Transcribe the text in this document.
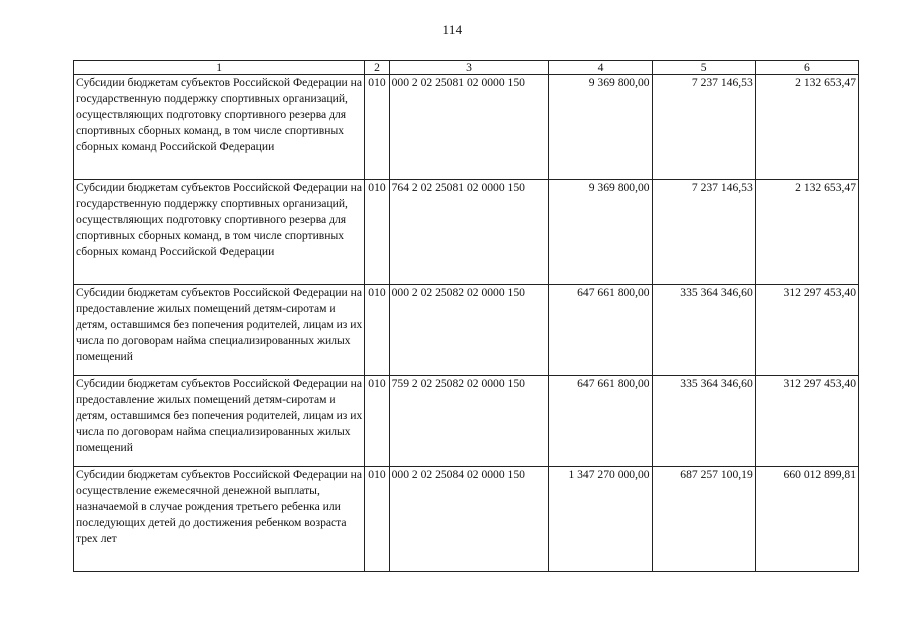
114
1	2	3	4	5	6
Субсидии бюджетам субъектов Российской Федерации на государственную поддержку спортивных организаций, осуществляющих подготовку спортивного резерва для спортивных сборных команд, в том числе спортивных сборных команд Российской Федерации	010	000 2 02 25081 02 0000 150	9 369 800,00	7 237 146,53	2 132 653,47
Субсидии бюджетам субъектов Российской Федерации на государственную поддержку спортивных организаций, осуществляющих подготовку спортивного резерва для спортивных сборных команд, в том числе спортивных сборных команд Российской Федерации	010	764 2 02 25081 02 0000 150	9 369 800,00	7 237 146,53	2 132 653,47
Субсидии бюджетам субъектов Российской Федерации на предоставление жилых помещений детям-сиротам и детям, оставшимся без попечения родителей, лицам из их числа по договорам найма специализированных жилых помещений	010	000 2 02 25082 02 0000 150	647 661 800,00	335 364 346,60	312 297 453,40
Субсидии бюджетам субъектов Российской Федерации на предоставление жилых помещений детям-сиротам и детям, оставшимся без попечения родителей, лицам из их числа по договорам найма специализированных жилых помещений	010	759 2 02 25082 02 0000 150	647 661 800,00	335 364 346,60	312 297 453,40
Субсидии бюджетам субъектов Российской Федерации на осуществление ежемесячной денежной выплаты, назначаемой в случае рождения третьего ребенка или последующих детей до достижения ребенком возраста трех лет	010	000 2 02 25084 02 0000 150	1 347 270 000,00	687 257 100,19	660 012 899,81
